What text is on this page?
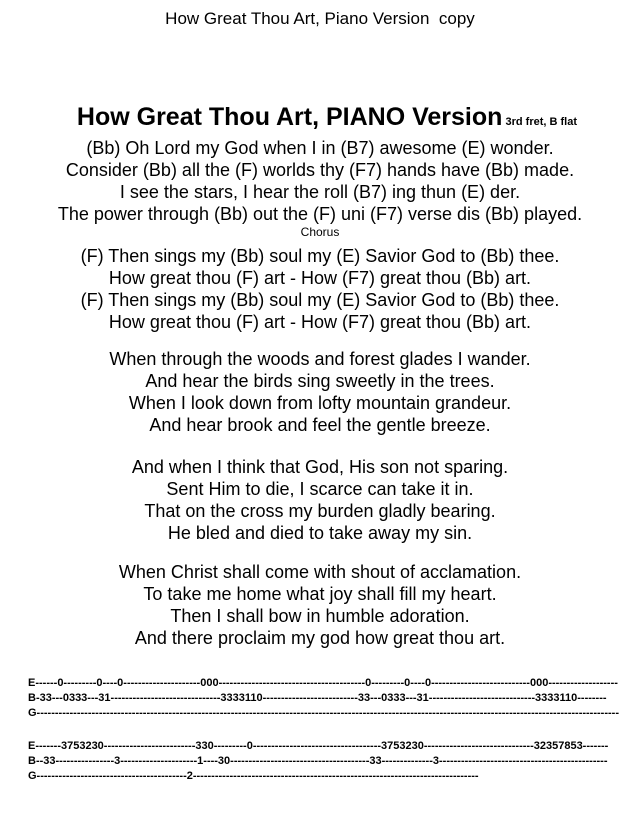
How Great Thou Art, Piano Version  copy

How Great Thou Art, PIANO Version 3rd fret, B flat

(Bb) Oh Lord my God when I in (B7) awesome (E) wonder.
Consider (Bb) all the (F) worlds thy (F7) hands have (Bb) made.
I see the stars, I hear the roll (B7) ing thun (E) der.
The power through (Bb) out the (F) uni (F7) verse dis (Bb) played.
Chorus
(F) Then sings my (Bb) soul my (E) Savior God to (Bb) thee.
How great thou (F) art - How (F7) great thou (Bb) art.
(F) Then sings my (Bb) soul my (E) Savior God to (Bb) thee.
How great thou (F) art - How (F7) great thou (Bb) art.
When through the woods and forest glades I wander.
And hear the birds sing sweetly in the trees.
When I look down from lofty mountain grandeur.
And hear brook and feel the gentle breeze.
And when I think that God, His son not sparing.
Sent Him to die, I scarce can take it in.
That on the cross my burden gladly bearing.
He bled and died to take away my sin.
When Christ shall come with shout of acclamation.
To take me home what joy shall fill my heart.
Then I shall bow in humble adoration.
And there proclaim my god how great thou art.
E------0---------0----0---------------------000----------------------------------------0---------0----0---------------------------000-------------------
B-33---0333---31------------------------------3333110--------------------------33---0333---31-----------------------------3333110--------
G---------------------------------------------------------------------------------------------------------------------------------------------------------------
E-------3753230-------------------------330---------0-----------------------------------3753230------------------------------32357853-------
B--33----------------3---------------------1----30--------------------------------------33--------------3----------------------------------------------
G-----------------------------------------2------------------------------------------------------------------------------
